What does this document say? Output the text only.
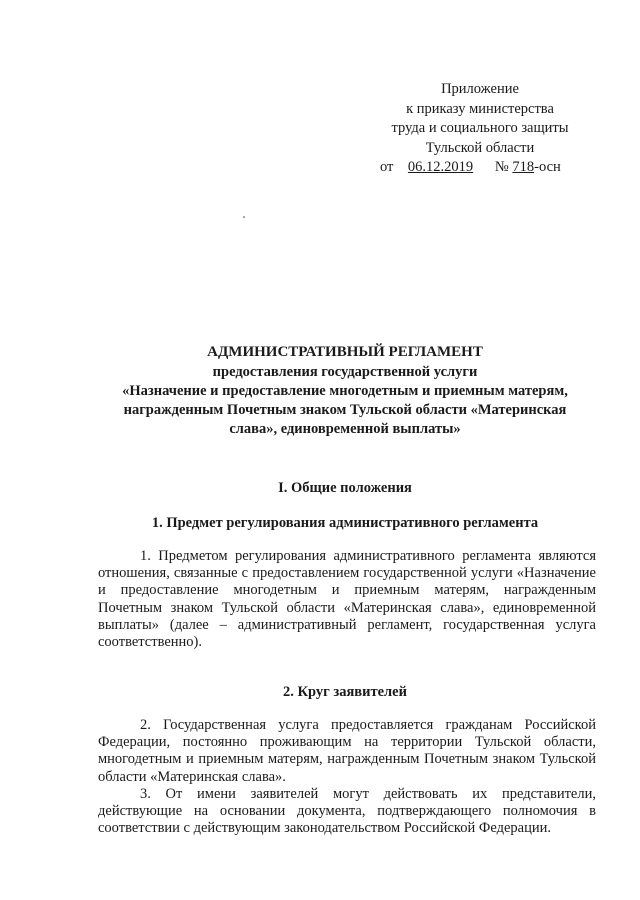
Приложение
к приказу министерства
труда и социального защиты
Тульской области
от 06.12.2019 № 718-осн
АДМИНИСТРАТИВНЫЙ РЕГЛАМЕНТ
предоставления государственной услуги
«Назначение и предоставление многодетным и приемным матерям,
награжденным Почетным знаком Тульской области «Материнская
слава», единовременной выплаты»
I. Общие положения
1. Предмет регулирования административного регламента
1. Предметом регулирования административного регламента являются отношения, связанные с предоставлением государственной услуги «Назначение и предоставление многодетным и приемным матерям, награжденным Почетным знаком Тульской области «Материнская слава», единовременной выплаты» (далее – административный регламент, государственная услуга соответственно).
2. Круг заявителей
2. Государственная услуга предоставляется гражданам Российской Федерации, постоянно проживающим на территории Тульской области, многодетным и приемным матерям, награжденным Почетным знаком Тульской области «Материнская слава».
3. От имени заявителей могут действовать их представители, действующие на основании документа, подтверждающего полномочия в соответствии с действующим законодательством Российской Федерации.
